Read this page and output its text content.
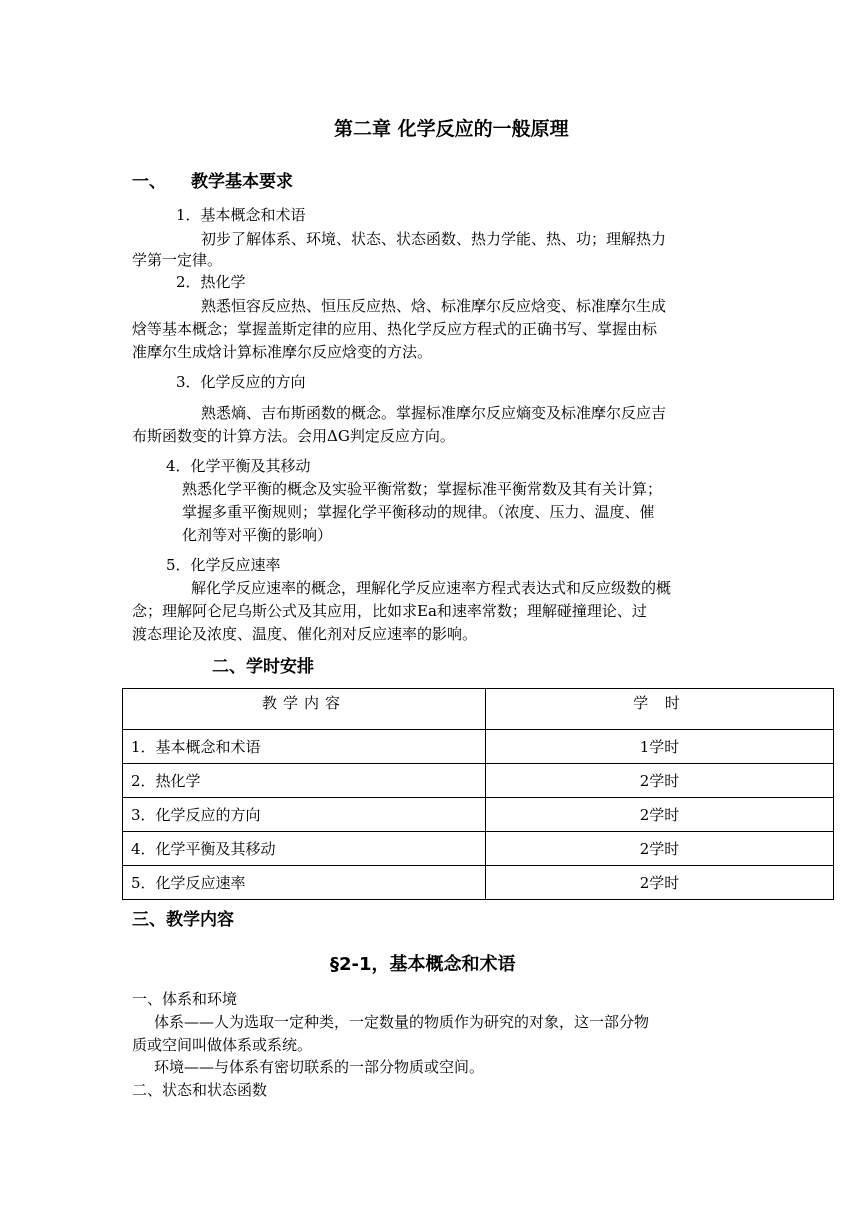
第二章 化学反应的一般原理
一、 教学基本要求
1．基本概念和术语
初步了解体系、环境、状态、状态函数、热力学能、热、功；理解热力
学第一定律。
2．热化学
熟悉恒容反应热、恒压反应热、焓、标准摩尔反应焓变、标准摩尔生成
焓等基本概念；掌握盖斯定律的应用、热化学反应方程式的正确书写、掌握由标
准摩尔生成焓计算标准摩尔反应焓变的方法。
3．化学反应的方向
熟悉熵、吉布斯函数的概念。掌握标准摩尔反应熵变及标准摩尔反应吉
布斯函数变的计算方法。会用ΔG判定反应方向。
4．化学平衡及其移动
熟悉化学平衡的概念及实验平衡常数；掌握标准平衡常数及其有关计算；
掌握多重平衡规则；掌握化学平衡移动的规律。（浓度、压力、温度、催
化剂等对平衡的影响）
5．化学反应速率
解化学反应速率的概念，理解化学反应速率方程式表达式和反应级数的概
念；理解阿仑尼乌斯公式及其应用，比如求Ea和速率常数；理解碰撞理论、过
渡态理论及浓度、温度、催化剂对反应速率的影响。
二、学时安排
教学内容	学 时
1．基本概念和术语	1学时
2．热化学	2学时
3．化学反应的方向	2学时
4．化学平衡及其移动	2学时
5．化学反应速率	2学时
三、教学内容
§2-1，基本概念和术语
一、体系和环境
体系——人为选取一定种类，一定数量的物质作为研究的对象，这一部分物
质或空间叫做体系或系统。
环境——与体系有密切联系的一部分物质或空间。
二、状态和状态函数
